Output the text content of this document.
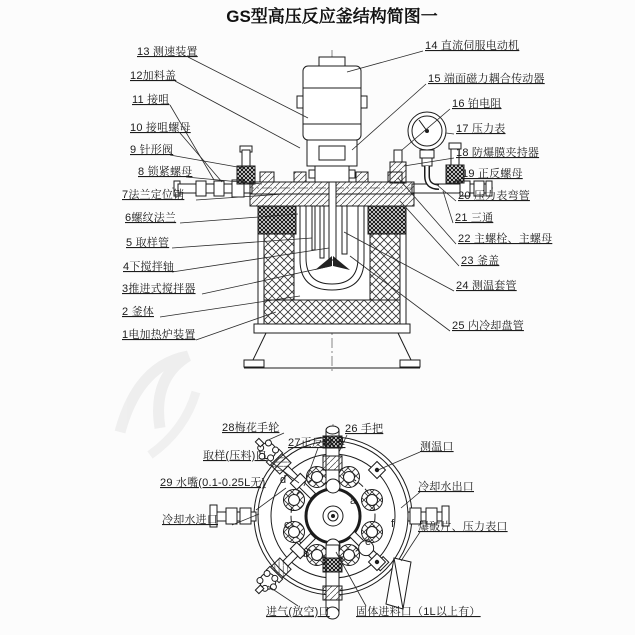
GS型高压反应釜结构简图一
13 测速装置
12加料盖
11 接咀
10 接咀螺母
9 针形阀
8 锁紧螺母
7法兰定位销
6螺纹法兰
5 取样管
4下搅拌轴
3推进式搅拌器
2 釜体
1电加热炉装置
14 直流伺服电动机
15 端面磁力耦合传动器
16 铂电阻
17 压力表
18 防爆膜夹持器
19 正反螺母
20 压力表弯管
21 三通
22 主螺栓、主螺母
23 釜盖
24 测温套管
25 内冷却盘管
a
b
c
d
e
f
28梅花手轮
27正反螺母
26 手把
取样(压料)口
测温口
29 水嘴(0.1-0.25L无)	冷却水出口
冷却水进口
爆破片、压力表口
进气(放空)口 固体进料口（1L以上有）
